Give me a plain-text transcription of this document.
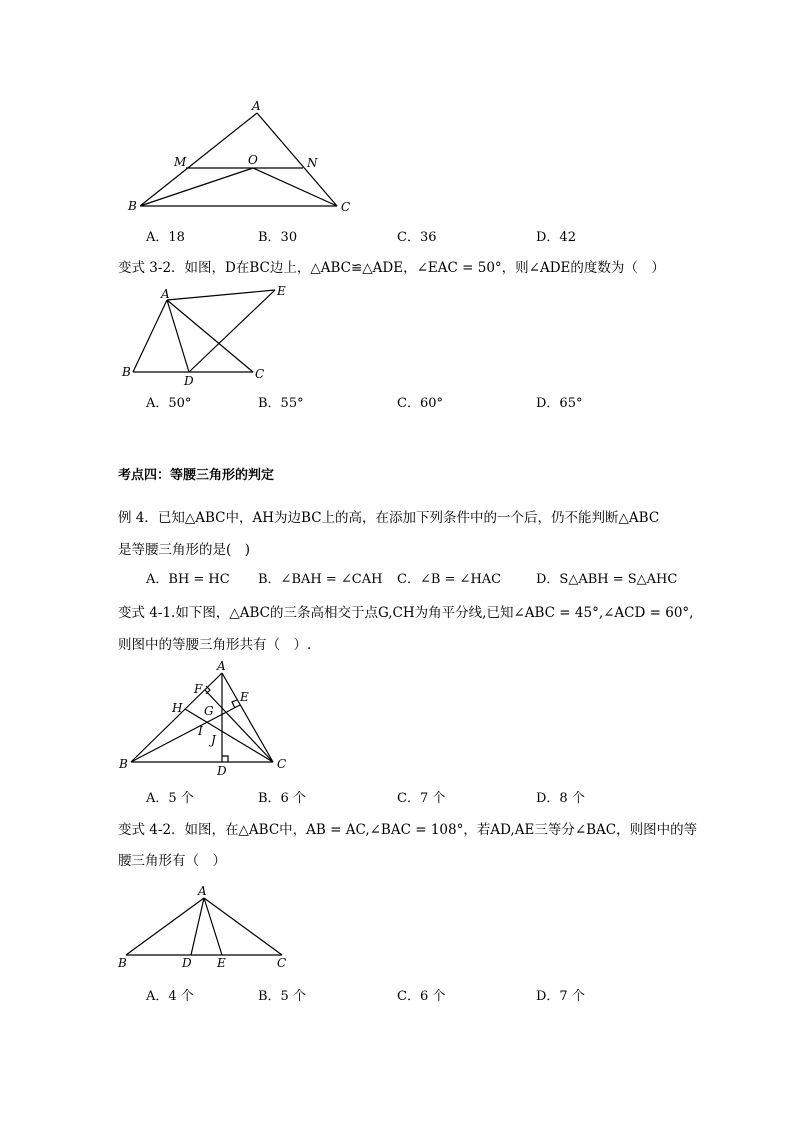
A
M	O	N
B	C
A．18	B．30	C．36	D．42
变式 3-2．如图，D在BC边上，△ABC≌△ADE，∠EAC = 50°，则∠ADE的度数为（　）
A	E
B
D	C
A．50°	B．55°	C．60°	D．65°
考点四：等腰三角形的判定
例 4．已知△ABC中，AH为边BC上的高，在添加下列条件中的一个后，仍不能判断△ABC
是等腰三角形的是(　)
A．BH = HC B．∠BAH = ∠CAH C．∠B = ∠HAC	D．S△ABH = S△AHC
变式 4-1.如下图，△ABC的三条高相交于点G,CH为角平分线,已知∠ABC = 45°,∠ACD = 60°,
则图中的等腰三角形共有（　）.
A
F
E
H G
I
J
B	D	C
A．5 个	B．6 个	C．7 个	D．8 个
变式 4-2．如图，在△ABC中，AB = AC,∠BAC = 108°，若AD,AE三等分∠BAC，则图中的等
腰三角形有（　）
A
B	D E	C
A．4 个	B．5 个	C．6 个	D．7 个
